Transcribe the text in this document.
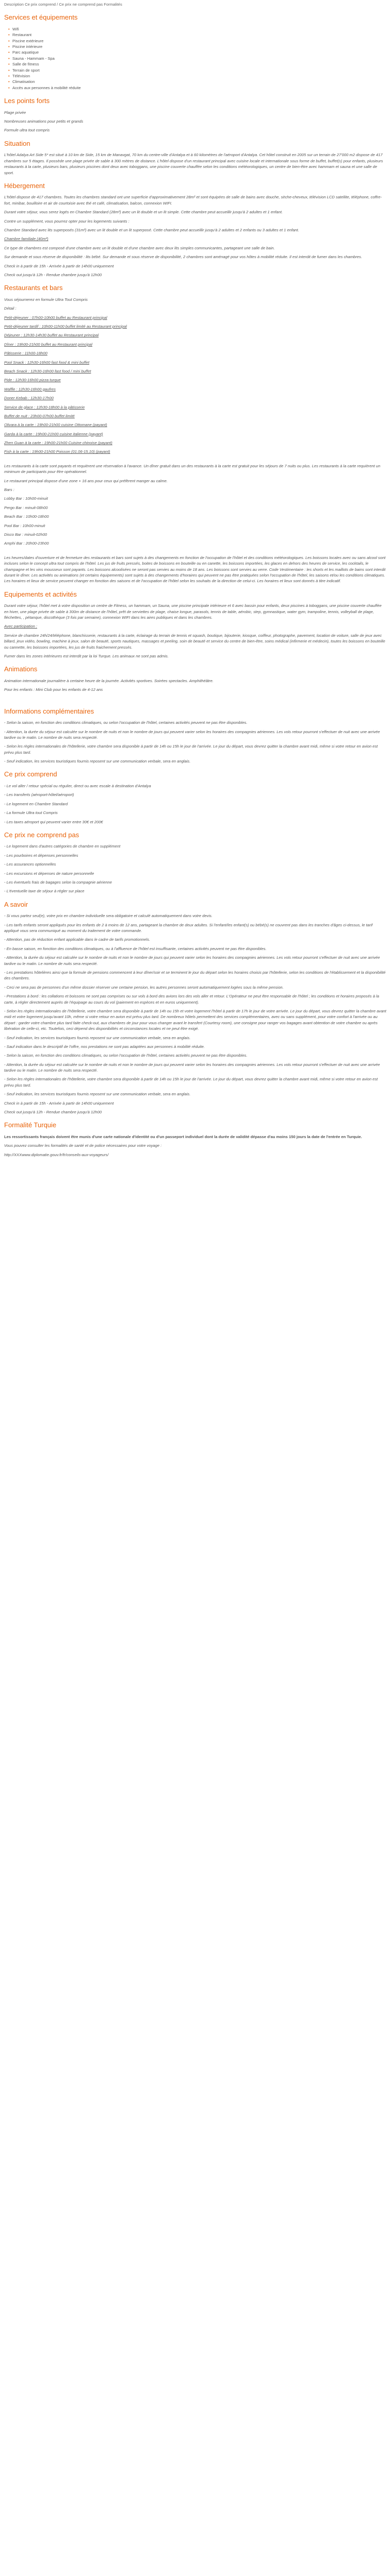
Description Ce prix comprend / Ce prix ne comprend pas Formalités
Services et équipements
• Wifi
• Restaurant
• Piscine extérieure
• Piscine intérieure
• Parc aquatique
• Sauna - Hammam - Spa
• Salle de fitness
• Terrain de sport
• Télévision
• Climatisation
• Accès aux personnes à mobilité réduite
Les points forts

Plage privée

Nombreuses animations pour petits et grands

Formule ultra tout compris

Situation

L'hôtel Adalya Art Side 5* est situé à 10 km de Side, 15 km de Manavgat, 70 km du centre-ville d'Antalya et à 60 kilomètres de l'aéroport d'Antalya. Cet hôtel construit en 2005 sur un terrain de 27'000 m2 dispose de 417 chambres sur 5 étages. Il possède une plage privée de sable à 300 mètres de distance. L'hôtel dispose d'un restaurant principal avec cuisine locale et internationale sous forme de buffet, buffet(s) pour enfants, plusieurs restaurants à la carte, plusieurs bars, plusieurs piscines dont deux avec toboggans, une piscine couverte chauffée selon les conditions météorologiques, un centre de bien-être avec hammam et sauna et une salle de sport.

Hébergement

L'hôtel dispose de 417 chambres. Toutes les chambres standard ont une superficie d'approximativement 28m² et sont équipées de salle de bains avec douche, sèche-cheveux, télévision LCD satellite, téléphone, coffre-fort, minibar, bouilloire et air de courtoisie avec thé et café, climatisation, balcon, connexion WIFI.

Durant votre séjour, vous serez logés en Chambre Standard (28m²) avec un lit double et un lit simple. Cette chambre peut accueillir jusqu'à 2 adultes et 1 enfant.

Contre un supplément, vous pourrez opter pour les logements suivants :

Chambre Standard avec lits superposés (31m²) avec un lit double et un lit superposé. Cette chambre peut accueillir jusqu'à 2 adultes et 2 enfants ou 3 adultes et 1 enfant.

Chambre familiale (40m²)

Ce type de chambres est composé d'une chambre avec un lit double et d'une chambre avec deux lits simples communicantes, partageant une salle de bain.

Sur demande et sous réserve de disponibilité : lits bébé. Sur demande et sous réserve de disponibilité, 2 chambres sont aménagé pour vos hôtes à mobilité réduite. Il est interdit de fumer dans les chambres.

Check in à partir de 15h - Arrivée à partir de 14h00 uniquement

Check out jusqu'à 12h - Rendue chambre jusqu'à 12h00

Restaurants et bars

Vous séjournerez en formule Ultra Tout Compris

Détail :

Petit-déjeuner : 07h00-10h00 buffet au Restaurant principal

Petit-déjeuner tardif : 10h00-11h00 buffet limité au Restaurant principal

Déjeuner : 12h30-14h30 buffet au Restaurant principal

Dîner : 19h00-21h00 buffet au Restaurant principal

Pâtisserie : 11h00-18h00

Pool Snack : 12h30-16h00 fast food & mini buffet

Beach Snack : 12h30-16h00 fast food / mini buffet

Pide : 12h30-16h00 pizza turque

Waffle : 12h30-16h00 gaufres

Doner Kebab : 12h30-17h00

Service de glace : 12h30-18h00 à la pâtisserie

Buffet de nuit : 23h00-07h00 buffet limité

Olivara à la carte : 19h00-21h00 cuisine Ottomane (payant)

Garda à la carte : 19h00-21h00 cuisine italienne (payant)

Zhen Guan à la carte : 19h00-21h00 Cuisine chinoise (payant)

Fish à la carte : 19h00-21h00 Poisson (01.06-15.10) (payant)

Les restaurants à la carte sont payants et requièrent une réservation à l'avance. Un dîner gratuit dans un des restaurants à la carte est gratuit pour les séjours de 7 nuits ou plus. Les restaurants à la carte requièrent un minimum de participants pour être opérationnel.

Le restaurant principal dispose d'une zone + 16 ans pour ceux qui préfèrent manger au calme.

Bars :

Lobby Bar : 10h00-minuit

Pergo Bar : minuit-08h00

Beach Bar : 10h00-18h00

Pool Bar : 10h00-minuit

Disco Bar : minuit-02h00

Amphi Bar : 20h00-23h00

Les heures/dates d'ouverture et de fermeture des restaurants et bars sont sujets à des changements en fonction de l'occupation de l'hôtel et des conditions météorologiques. Les boissons locales avec ou sans alcool sont incluses selon le concept ultra tout compris de l'hôtel. Les jus de fruits pressés, boites de boissons en bouteille ou en canette, les boissons importées, les glaces en dehors des heures de service, les cocktails, le champagne et les vins mousseux sont payants. Les boissons alcoolisées ne seront pas servies au moins de 18 ans. Les boissons sont servies au verre. Code Vestimentaire : les shorts et les maillots de bains sont interdit durant le dîner. Les activités ou animations (et certains équipements) sont sujets à des changements d'horaires qui peuvent ne pas être pratiquées selon l'occupation de l'hôtel, les saisons et/ou les conditions climatiques. Les horaires et lieux de service peuvent changer en fonction des saisons et de l'occupation de l'hôtel selon les souhaits de la direction de celui-ci. Les horaires et lieux sont donnés à titre indicatif.

Equipements et activités

Durant votre séjour, l'hôtel met à votre disposition un centre de Fitness, un hammam, un Sauna, une piscine principale intérieure et 6 avec bassin pour enfants, deux piscines à toboggans, une piscine couverte chauffée en hiver, une plage privée de sable à 300m de distance de l'hôtel, prêt de serviettes de plage, chaise longue, parasols, tennis de table, aérobic, step, gymnastique, water gym, trampoline, tennis, volleyball de plage, fléchettes, , pétanque, discothèque (3 fois par semaine), connexion WIFI dans les aires publiques et dans les chambres.

Avec participation :

Service de chambre 24h/24/téléphone, blanchisserie, restaurants à la carte, éclairage du terrain de tennis et squash, boutique, bijouterie, kiosque, coiffeur, photographe, pavement, location de voiture, salle de jeux avec billard, jeux vidéo, bowling, machine à jeux, salon de beauté, sports nautiques, massages et peeling, soin de beauté et service du centre de bien-être, soins médical (infirmerie et médecin), toutes les boissons en bouteille ou cannette, les boissons importées, les jus de fruits fraichement pressés.

Fumer dans les zones intérieures est interdit par la loi Turque. Les animaux ne sont pas admis.

Animations

Animation internationale journalière à certaine heure de la journée. Activités sportives. Soirées spectacles. Amphithéâtre.

Pour les enfants : Mini Club pour les enfants de 4-12 ans

Informations complémentaires

- Selon la saison, en fonction des conditions climatiques, ou selon l'occupation de l'hôtel, certaines activités peuvent ne pas être disponibles.

- Attention, la durée du séjour est calculée sur le nombre de nuits et non le nombre de jours qui peuvent varier selon les horaires des compagnies aériennes. Les vols retour pourront s'effectuer de nuit avec une arrivée tardive ou le matin. Le nombre de nuits sera respecté.

- Selon les règles internationales de l'hôtellerie, votre chambre sera disponible à partir de 14h ou 15h le jour de l'arrivée. Le jour du départ, vous devrez quitter la chambre avant midi, même si votre retour en avion est prévu plus tard.

- Seuf indication, les services touristiques fournis reposent sur une communication verbale, sera en anglais.

Ce prix comprend

- Le vol aller / retour spécial ou régulier, direct ou avec escale à destination d'Antalya

- Les transferts (aéroport-hôtel/aéroport)

- Le logement en Chambre Standard

- La formule Ultra tout Compris

- Les taxes aéroport qui peuvent varier entre 30€ et 200€

Ce prix ne comprend pas

- Le logement dans d'autres catégories de chambre en supplément

- Les pourboires et dépenses personnelles

- Les assurances optionnelles

- Les excursions et dépenses de nature personnelle

- Les éventuels frais de bagages selon la compagnie aérienne

- L'éventuelle taxe de séjour à régler sur place

A savoir

- Si vous partez seul(e), votre prix en chambre individuelle sera obligatoire et calculé automatiquement dans votre devis.

- Les tarifs enfants seront appliqués pour les enfants de 2 à moins de 12 ans, partageant la chambre de deux adultes. Si l'enfant/les enfant(s) ou bébé(s) ne couvrent pas dans les tranches d'âges ci-dessus, le tarif appliqué vous sera communiqué au moment du traitement de votre commande.

- Attention, pas de réduction enfant applicable dans le cadre de tarifs promotionnels.

- En basse saison, en fonction des conditions climatiques, ou à l'affluence de l'hôtel est insuffisante, certaines activités peuvent ne pas être disponibles.

- Attention, la durée du séjour est calculée sur le nombre de nuits et non le nombre de jours qui peuvent varier selon les horaires des compagnies aériennes. Les vols retour pourront s'effectuer de nuit avec une arrivée tardive ou le matin. Le nombre de nuits sera respecté.

- Les prestations hôtelières ainsi que la formule de pensions commencent à leur dîner/soir et se terminent le jour du départ selon les horaires choisis par l'hôtellerie, selon les conditions de l'établissement et la disponibilité des chambres.

- Ceci ne sera pas de personnes d'un même dossier réserver une certaine pension, les autres personnes seront automatiquement logées sous la même pension.

- Prestations à bord : les collations et boissons ne sont pas comprises ou sur vols à bord des avions lors des vols aller et retour. L'Opérateur ne peut être responsable de l'hôtel ; les conditions et horaires proposés à la carte, à régler directement auprès de l'équipage au cours du vol (paiement en espèces et en euros uniquement).

- Selon les règles internationales de l'hôtellerie, votre chambre sera disponible à partir de 14h ou 15h et votre logement l'hôtel à partir de 17h le jour de votre arrivée. Le jour du départ, vous devrez quitter la chambre avant midi et votre logement jusqu'avant 10h, même si votre retour en avion est prévu plus tard. De nombreux hôtels permettent des services complémentaires, avec ou sans supplément, pour votre confort à l'arrivée ou au départ : garder votre chambre plus tard faite check-out, aux chambres de jour pour vous changer avant le transfert (Courtesy room), une consigne pour ranger vos bagages avant obtention de votre chambre ou après libération de celle-ci, etc. Toutefois, ceci dépend des disponibilités et circonstances locales et ne peut être exigé.

- Seuf indication, les services touristiques fournis reposent sur une communication verbale, sera en anglais.

- Sauf indication dans le descriptif de l'offre, nos prestations ne sont pas adaptées aux personnes à mobilité réduite.

- Selon la saison, en fonction des conditions climatiques, ou selon l'occupation de l'hôtel, certaines activités peuvent ne pas être disponibles.

- Attention, la durée du séjour est calculée sur le nombre de nuits et non le nombre de jours qui peuvent varier selon les horaires des compagnies aériennes. Les vols retour pourront s'effectuer de nuit avec une arrivée tardive ou le matin. Le nombre de nuits sera respecté.

- Selon les règles internationales de l'hôtellerie, votre chambre sera disponible à partir de 14h ou 15h le jour de l'arrivée. Le jour du départ, vous devrez quitter la chambre avant midi, même si votre retour en avion est prévu plus tard.

- Seuf indication, les services touristiques fournis reposent sur une communication verbale, sera en anglais.

Check in à partir de 15h - Arrivée à partir de 14h00 uniquement

Check out jusqu'à 12h - Rendue chambre jusqu'à 12h00

Formalité Turquie

Les ressortissants français doivent être munis d'une carte nationale d'identité ou d'un passeport individuel dont la durée de validité dépasse d'au moins 150 jours la date de l'entrée en Turquie.

Vous pouvez consulter les formalités de santé et de police nécessaires pour votre voyage :

http://XXXwww.diplomatie.gouv.fr/fr/conseils-aux-voyageurs/
